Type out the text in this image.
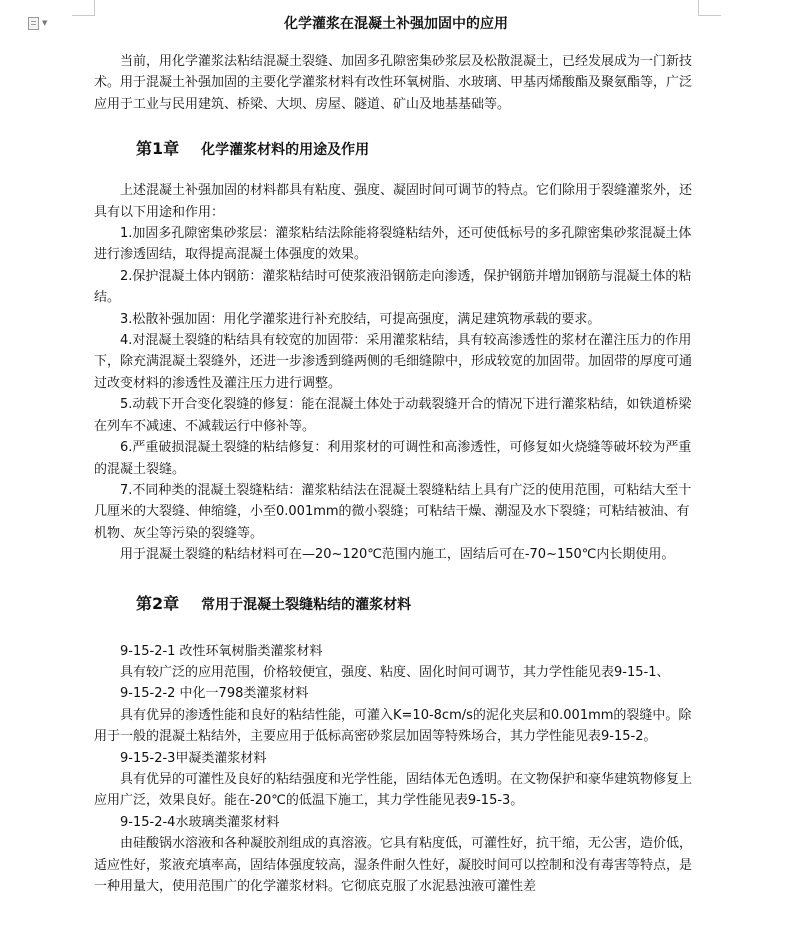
▼	化学灌浆在混凝土补强加固中的应用

当前，用化学灌浆法粘结混凝土裂缝、加固多孔隙密集砂浆层及松散混凝土，已经发展成为一门新技术。用于混凝土补强加固的主要化学灌浆材料有改性环氧树脂、水玻璃、甲基丙烯酸酯及聚氨酯等，广泛应用于工业与民用建筑、桥梁、大坝、房屋、隧道、矿山及地基基础等。

第1章 化学灌浆材料的用途及作用

上述混凝土补强加固的材料都具有粘度、强度、凝固时间可调节的特点。它们除用于裂缝灌浆外，还具有以下用途和作用：

1.加固多孔隙密集砂浆层：灌浆粘结法除能将裂缝粘结外，还可使低标号的多孔隙密集砂浆混凝土体进行渗透固结，取得提高混凝土体强度的效果。

2.保护混凝土体内钢筋：灌浆粘结时可使浆液沿钢筋走向渗透，保护钢筋并增加钢筋与混凝土体的粘结。

3.松散补强加固：用化学灌浆进行补充胶结，可提高强度，满足建筑物承载的要求。

4.对混凝土裂缝的粘结具有较宽的加固带：采用灌浆粘结，具有较高渗透性的浆材在灌注压力的作用下，除充满混凝土裂缝外，还进一步渗透到缝两侧的毛细缝隙中，形成较宽的加固带。加固带的厚度可通过改变材料的渗透性及灌注压力进行调整。

5.动载下开合变化裂缝的修复：能在混凝土体处于动载裂缝开合的情况下进行灌浆粘结，如铁道桥梁在列车不减速、不减载运行中修补等。

6.严重破损混凝土裂缝的粘结修复：利用浆材的可调性和高渗透性，可修复如火烧缝等破坏较为严重的混凝土裂缝。

7.不同种类的混凝土裂缝粘结：灌浆粘结法在混凝土裂缝粘结上具有广泛的使用范围，可粘结大至十几厘米的大裂缝、伸缩缝，小至0.001mm的微小裂缝；可粘结干燥、潮湿及水下裂缝；可粘结被油、有机物、灰尘等污染的裂缝等。

用于混凝土裂缝的粘结材料可在—20~120℃范围内施工，固结后可在-70~150℃内长期使用。

第2章 常用于混凝土裂缝粘结的灌浆材料

9-15-2-1 改性环氧树脂类灌浆材料

具有较广泛的应用范围，价格较便宜，强度、粘度、固化时间可调节，其力学性能见表9-15-1、

9-15-2-2 中化一798类灌浆材料

具有优异的渗透性能和良好的粘结性能，可灌入K=10-8cm/s的泥化夹层和0.001mm的裂缝中。除用于一般的混凝土粘结外，主要应用于低标高密砂浆层加固等特殊场合，其力学性能见表9-15-2。

9-15-2-3甲凝类灌浆材料

具有优异的可灌性及良好的粘结强度和光学性能，固结体无色透明。在文物保护和豪华建筑物修复上应用广泛，效果良好。能在-20℃的低温下施工，其力学性能见表9-15-3。

9-15-2-4水玻璃类灌浆材料

由硅酸锅水溶液和各种凝胶剂组成的真溶液。它具有粘度低，可灌性好，抗干缩，无公害，造价低，适应性好，浆液充填率高，固结体强度较高，湿条件耐久性好，凝胶时间可以控制和没有毒害等特点，是一种用量大，使用范围广的化学灌浆材料。它彻底克服了水泥悬浊液可灌性差
